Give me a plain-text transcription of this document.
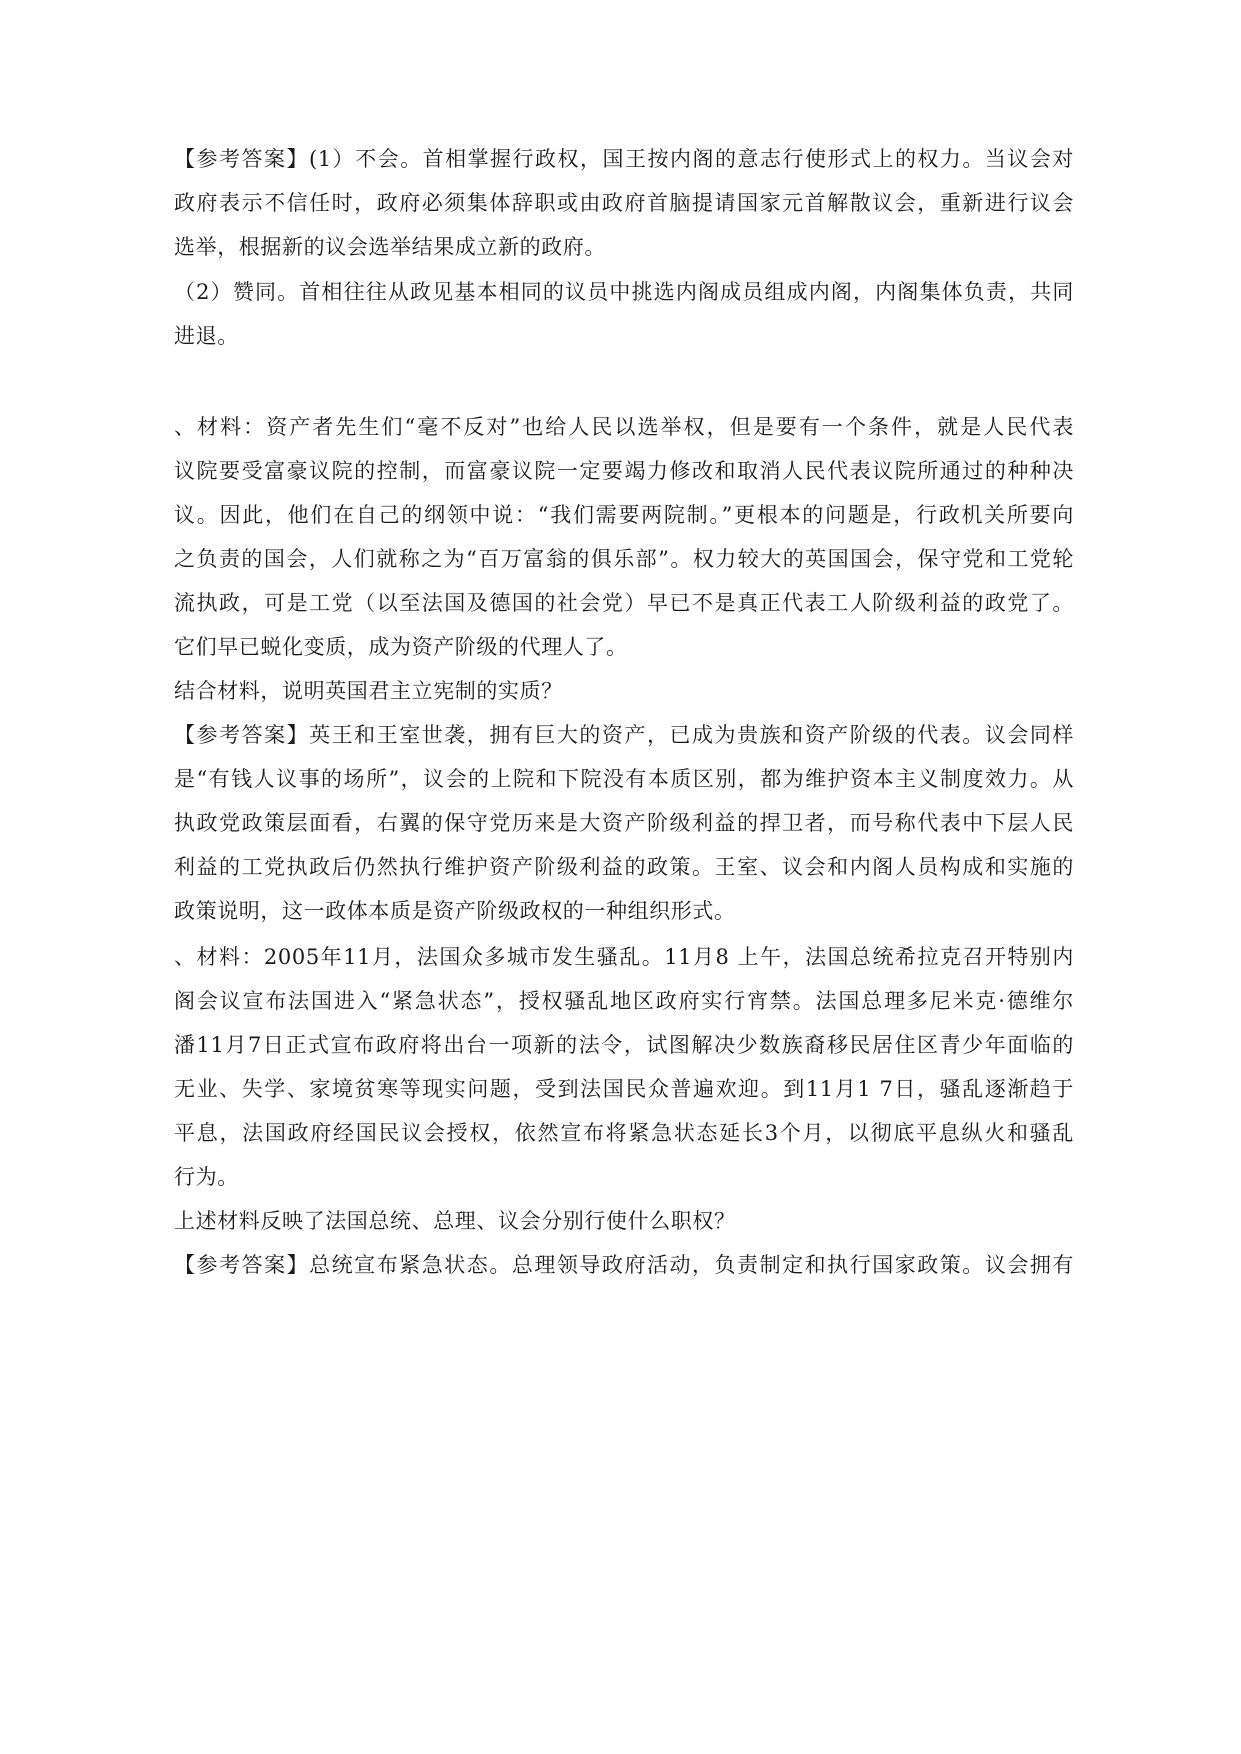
【参考答案】(1）不会。首相掌握行政权，国王按内阁的意志行使形式上的权力。当议会对
政府表示不信任时，政府必须集体辞职或由政府首脑提请国家元首解散议会，重新进行议会
选举，根据新的议会选举结果成立新的政府。
（2）赞同。首相往往从政见基本相同的议员中挑选内阁成员组成内阁，内阁集体负责，共同
进退。
、材料：资产者先生们“毫不反对”也给人民以选举权，但是要有一个条件，就是人民代表
议院要受富豪议院的控制，而富豪议院一定要竭力修改和取消人民代表议院所通过的种种决
议。因此，他们在自己的纲领中说：“我们需要两院制。”更根本的问题是，行政机关所要向
之负责的国会，人们就称之为“百万富翁的俱乐部”。权力较大的英国国会，保守党和工党轮
流执政，可是工党（以至法国及德国的社会党）早已不是真正代表工人阶级利益的政党了。
它们早已蜕化变质，成为资产阶级的代理人了。
结合材料，说明英国君主立宪制的实质？
【参考答案】英王和王室世袭，拥有巨大的资产，已成为贵族和资产阶级的代表。议会同样
是“有钱人议事的场所”，议会的上院和下院没有本质区别，都为维护资本主义制度效力。从
执政党政策层面看，右翼的保守党历来是大资产阶级利益的捍卫者，而号称代表中下层人民
利益的工党执政后仍然执行维护资产阶级利益的政策。王室、议会和内阁人员构成和实施的
政策说明，这一政体本质是资产阶级政权的一种组织形式。
、材料：2005年11月，法国众多城市发生骚乱。11月8 上午，法国总统希拉克召开特别内
阁会议宣布法国进入“紧急状态”，授权骚乱地区政府实行宵禁。法国总理多尼米克·德维尔
潘11月7日正式宣布政府将出台一项新的法令，试图解决少数族裔移民居住区青少年面临的
无业、失学、家境贫寒等现实问题，受到法国民众普遍欢迎。到11月1 7日，骚乱逐渐趋于
平息，法国政府经国民议会授权，依然宣布将紧急状态延长3个月，以彻底平息纵火和骚乱
行为。
上述材料反映了法国总统、总理、议会分别行使什么职权？
【参考答案】总统宣布紧急状态。总理领导政府活动，负责制定和执行国家政策。议会拥有
